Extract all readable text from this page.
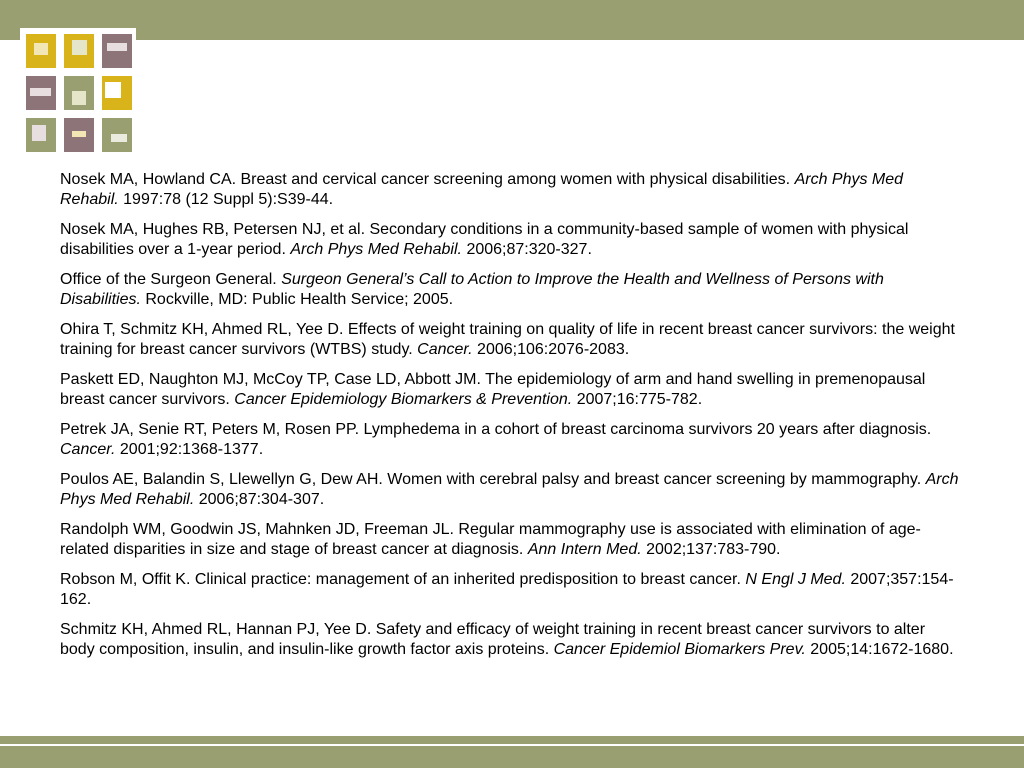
Nosek MA, Howland CA. Breast and cervical cancer screening among women with physical disabilities. Arch Phys Med Rehabil. 1997:78 (12 Suppl 5):S39-44.

Nosek MA, Hughes RB, Petersen NJ, et al. Secondary conditions in a community-based sample of women with physical disabilities over a 1-year period. Arch Phys Med Rehabil. 2006;87:320-327.

Office of the Surgeon General. Surgeon General’s Call to Action to Improve the Health and Wellness of Persons with Disabilities. Rockville, MD: Public Health Service; 2005.

Ohira T, Schmitz KH, Ahmed RL, Yee D. Effects of weight training on quality of life in recent breast cancer survivors: the weight training for breast cancer survivors (WTBS) study. Cancer. 2006;106:2076-2083.

Paskett ED, Naughton MJ, McCoy TP, Case LD, Abbott JM. The epidemiology of arm and hand swelling in premenopausal breast cancer survivors. Cancer Epidemiology Biomarkers & Prevention. 2007;16:775-782.

Petrek JA, Senie RT, Peters M, Rosen PP. Lymphedema in a cohort of breast carcinoma survivors 20 years after diagnosis. Cancer. 2001;92:1368-1377.

Poulos AE, Balandin S, Llewellyn G, Dew AH. Women with cerebral palsy and breast cancer screening by mammography. Arch Phys Med Rehabil. 2006;87:304-307.

Randolph WM, Goodwin JS, Mahnken JD, Freeman JL. Regular mammography use is associated with elimination of age-related disparities in size and stage of breast cancer at diagnosis. Ann Intern Med. 2002;137:783-790.

Robson M, Offit K. Clinical practice: management of an inherited predisposition to breast cancer. N Engl J Med. 2007;357:154-162.

Schmitz KH, Ahmed RL, Hannan PJ, Yee D. Safety and efficacy of weight training in recent breast cancer survivors to alter body composition, insulin, and insulin-like growth factor axis proteins. Cancer Epidemiol Biomarkers Prev. 2005;14:1672-1680.
